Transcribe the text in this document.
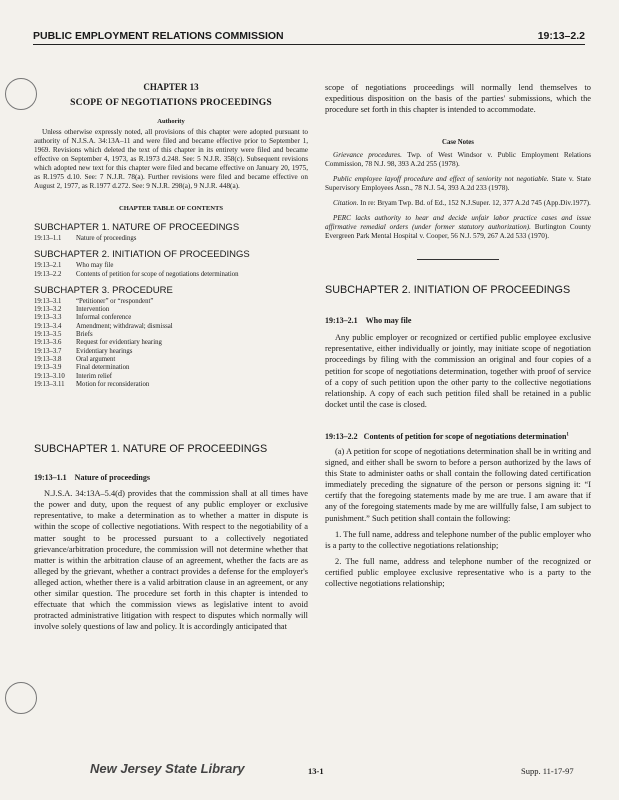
PUBLIC EMPLOYMENT RELATIONS COMMISSION	19:13–2.2
CHAPTER 13
SCOPE OF NEGOTIATIONS PROCEEDINGS
Authority

Unless otherwise expressly noted, all provisions of this chapter were adopted pursuant to authority of N.J.S.A. 34:13A–11 and were filed and became effective prior to September 1, 1969. Revisions which deleted the text of this chapter in its entirety were filed and became effective on September 4, 1973, as R.1973 d.248. See: 5 N.J.R. 358(c). Subsequent revisions which adopted new text for this chapter were filed and became effective on January 20, 1975, as R.1975 d.10. See: 7 N.J.R. 78(a). Further revisions were filed and became effective on August 2, 1977, as R.1977 d.272. See: 9 N.J.R. 298(a), 9 N.J.R. 448(a).

CHAPTER TABLE OF CONTENTS
SUBCHAPTER 1. NATURE OF PROCEEDINGS
19:13–1.1	Nature of proceedings
SUBCHAPTER 2. INITIATION OF PROCEEDINGS
19:13–2.1	Who may file
19:13–2.2	Contents of petition for scope of negotiations determination
SUBCHAPTER 3. PROCEDURE
19:13–3.1	“Petitioner” or “respondent”
19:13–3.2	Intervention
19:13–3.3	Informal conference
19:13–3.4	Amendment; withdrawal; dismissal
19:13–3.5	Briefs
19:13–3.6	Request for evidentiary hearing
19:13–3.7	Evidentiary hearings
19:13–3.8	Oral argument
19:13–3.9	Final determination
19:13–3.10	Interim relief
19:13–3.11	Motion for reconsideration
SUBCHAPTER 1. NATURE OF PROCEEDINGS
19:13–1.1 Nature of proceedings

N.J.S.A. 34:13A–5.4(d) provides that the commission shall at all times have the power and duty, upon the request of any public employer or exclusive representative, to make a determination as to whether a matter in dispute is within the scope of collective negotiations. With respect to the negotiability of a matter sought to be processed pursuant to a collectively negotiated grievance/arbitration procedure, the commission will not determine whether that matter is within the arbitration clause of an agreement, whether the facts are as alleged by the grievant, whether a contract provides a defense for the employer's alleged action, whether there is a valid arbitration clause in an agreement, or any other similar question. The procedure set forth in this chapter is intended to effectuate that which the commission views as legislative intent to avoid protracted administrative litigation with respect to disputes which normally will involve solely questions of law and policy. It is accordingly anticipated that

scope of negotiations proceedings will normally lend themselves to expeditious disposition on the basis of the parties' submissions, which the procedure set forth in this chapter is intended to accommodate.

Case Notes

Grievance procedures. Twp. of West Windsor v. Public Employment Relations Commission, 78 N.J. 98, 393 A.2d 255 (1978).

Public employee layoff procedure and effect of seniority not negotiable. State v. State Supervisory Employees Assn., 78 N.J. 54, 393 A.2d 233 (1978).

Citation. In re: Bryam Twp. Bd. of Ed., 152 N.J.Super. 12, 377 A.2d 745 (App.Div.1977).

PERC lacks authority to hear and decide unfair labor practice cases and issue affirmative remedial orders (under former statutory authorization). Burlington County Evergreen Park Mental Hospital v. Cooper, 56 N.J. 579, 267 A.2d 533 (1970).

SUBCHAPTER 2. INITIATION OF PROCEEDINGS
19:13–2.1 Who may file

Any public employer or recognized or certified public employee exclusive representative, either individually or jointly, may initiate scope of negotiation proceedings by filing with the commission an original and four copies of a petition for scope of negotiations determination, together with proof of service of a copy of such petition upon the other party to the collective negotiations relationship. A copy of each such petition filed shall be retained in a public docket until the case is closed.

19:13–2.2 Contents of petition for scope of negotiations determination$^1$

(a) A petition for scope of negotiations determination shall be in writing and signed, and either shall be sworn to before a person authorized by the laws of this State to administer oaths or shall contain the following dated certification immediately preceding the signature of the person or persons signing it: “I certify that the foregoing statements made by me are true. I am aware that if any of the foregoing statements made by me are willfully false, I am subject to punishment.” Such petition shall contain the following:

1. The full name, address and telephone number of the public employer who is a party to the collective negotiations relationship;

2. The full name, address and telephone number of the recognized or certified public employee exclusive representative who is a party to the collective negotiations relationship;

New Jersey State Library	13-1	Supp. 11-17-97
